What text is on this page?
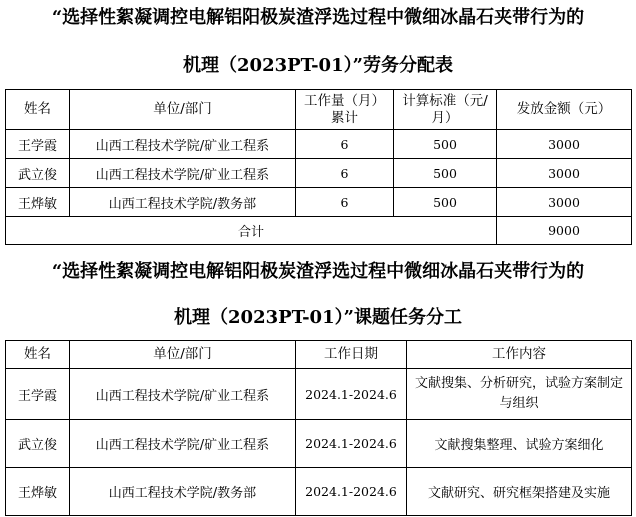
“选择性絮凝调控电解铝阳极炭渣浮选过程中微细冰晶石夹带行为的
机理（2023PT-01）”劳务分配表
姓名	单位/部门	工作量（月）累计	计算标准（元/月）	发放金额（元）
王学霞	山西工程技术学院/矿业工程系	6	500	3000
武立俊	山西工程技术学院/矿业工程系	6	500	3000
王烨敏	山西工程技术学院/教务部	6	500	3000
合计				9000
“选择性絮凝调控电解铝阳极炭渣浮选过程中微细冰晶石夹带行为的
机理（2023PT-01）”课题任务分工
姓名	单位/部门	工作日期	工作内容
王学霞	山西工程技术学院/矿业工程系	2024.1-2024.6	文献搜集、分析研究，试验方案制定与组织
武立俊	山西工程技术学院/矿业工程系	2024.1-2024.6	文献搜集整理、试验方案细化
王烨敏	山西工程技术学院/教务部	2024.1-2024.6	文献研究、研究框架搭建及实施
